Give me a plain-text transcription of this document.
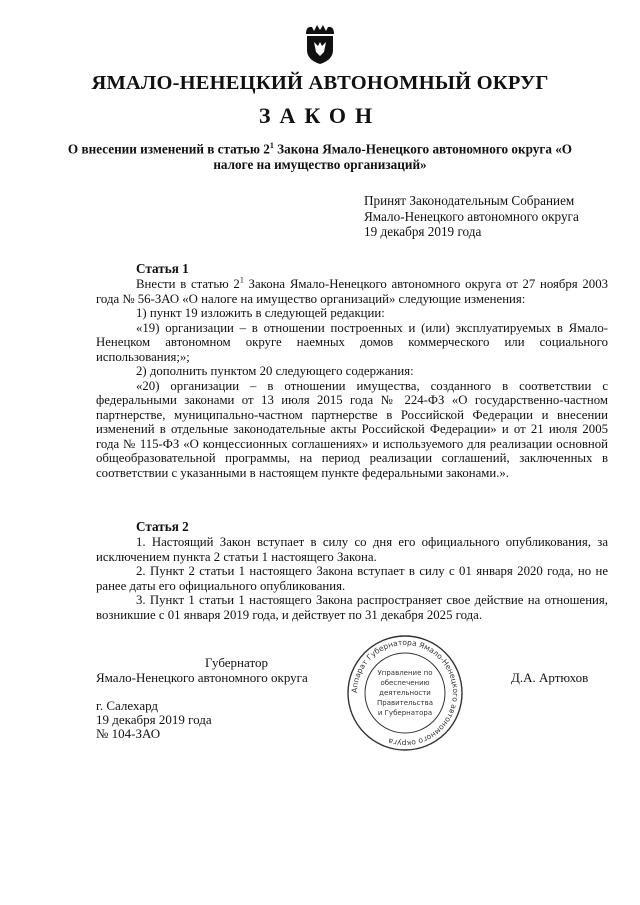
ЯМАЛО-НЕНЕЦКИЙ АВТОНОМНЫЙ ОКРУГ
ЗАКОН
О внесении изменений в статью $2^1$ Закона Ямало-Ненецкого автономного округа «О налоге на имущество организаций»
Принят Законодательным Собранием
Ямало-Ненецкого автономного округа
19 декабря 2019 года
Статья 1

Внести в статью $2^1$ Закона Ямало-Ненецкого автономного округа от 27 ноября 2003 года № 56-ЗАО «О налоге на имущество организаций» следующие изменения:

1) пункт 19 изложить в следующей редакции:

«19) организации – в отношении построенных и (или) эксплуатируемых в Ямало-Ненецком автономном округе наемных домов коммерческого или социального использования;»;

2) дополнить пунктом 20 следующего содержания:

«20) организации – в отношении имущества, созданного в соответствии с федеральными законами от 13 июля 2015 года № 224-ФЗ «О государственно-частном партнерстве, муниципально-частном партнерстве в Российской Федерации и внесении изменений в отдельные законодательные акты Российской Федерации» и от 21 июля 2005 года № 115-ФЗ «О концессионных соглашениях» и используемого для реализации основной общеобразовательной программы, на период реализации соглашений, заключенных в соответствии с указанными в настоящем пункте федеральными законами.».

Статья 2

1. Настоящий Закон вступает в силу со дня его официального опубликования, за исключением пункта 2 статьи 1 настоящего Закона.

2. Пункт 2 статьи 1 настоящего Закона вступает в силу с 01 января 2020 года, но не ранее даты его официального опубликования.

3. Пункт 1 статьи 1 настоящего Закона распространяет свое действие на отношения, возникшие с 01 января 2019 года, и действует по 31 декабря 2025 года.

Губернатор
Ямало-Ненецкого автономного округа	Д.А. Артюхов
Аппарат Губернатора Ямало-Ненецкого автономного округа
Управление по
обеспечению
деятельности
Правительства
и Губернатора
г. Салехард
19 декабря 2019 года
№ 104-ЗАО
